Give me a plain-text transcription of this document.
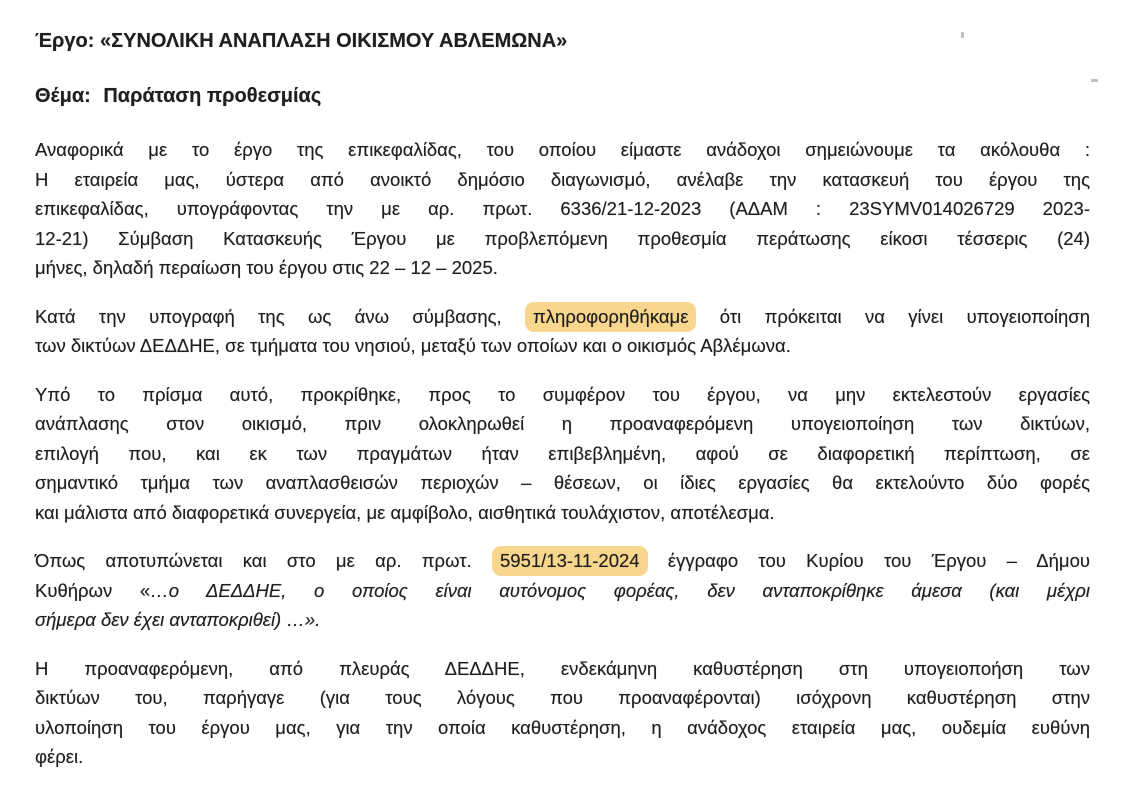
Έργο: «ΣΥΝΟΛΙΚΗ ΑΝΑΠΛΑΣΗ ΟΙΚΙΣΜΟΥ ΑΒΛΕΜΩΝΑ»
Θέμα: Παράταση προθεσμίας
Αναφορικά με το έργο της επικεφαλίδας, του οποίου είμαστε ανάδοχοι σημειώνουμε τα ακόλουθα :
Η εταιρεία μας, ύστερα από ανοικτό δημόσιο διαγωνισμό, ανέλαβε την κατασκευή του έργου της
επικεφαλίδας, υπογράφοντας την με αρ. πρωτ. 6336/21-12-2023 (ΑΔΑΜ : 23SYMV014026729 2023-
12-21) Σύμβαση Κατασκευής Έργου με προβλεπόμενη προθεσμία περάτωσης είκοσι τέσσερις (24)
μήνες, δηλαδή περαίωση του έργου στις 22 – 12 – 2025.
Κατά την υπογραφή της ως άνω σύμβασης, πληροφορηθήκαμε ότι πρόκειται να γίνει υπογειοποίηση
των δικτύων ΔΕΔΔΗΕ, σε τμήματα του νησιού, μεταξύ των οποίων και ο οικισμός Αβλέμωνα.
Υπό το πρίσμα αυτό, προκρίθηκε, προς το συμφέρον του έργου, να μην εκτελεστούν εργασίες
ανάπλασης στον οικισμό, πριν ολοκληρωθεί η προαναφερόμενη υπογειοποίηση των δικτύων,
επιλογή που, και εκ των πραγμάτων ήταν επιβεβλημένη, αφού σε διαφορετική περίπτωση, σε
σημαντικό τμήμα των αναπλασθεισών περιοχών – θέσεων, οι ίδιες εργασίες θα εκτελούντο δύο φορές
και μάλιστα από διαφορετικά συνεργεία, με αμφίβολο, αισθητικά τουλάχιστον, αποτέλεσμα.
Όπως αποτυπώνεται και στο με αρ. πρωτ. 5951/13-11-2024 έγγραφο του Κυρίου του Έργου – Δήμου
Κυθήρων «…ο ΔΕΔΔΗΕ, ο οποίος είναι αυτόνομος φορέας, δεν ανταποκρίθηκε άμεσα (και μέχρι
σήμερα δεν έχει ανταποκριθεί) …».
Η προαναφερόμενη, από πλευράς ΔΕΔΔΗΕ, ενδεκάμηνη καθυστέρηση στη υπογειοποήση των
δικτύων του, παρήγαγε (για τους λόγους που προαναφέρονται) ισόχρονη καθυστέρηση στην
υλοποίηση του έργου μας, για την οποία καθυστέρηση, η ανάδοχος εταιρεία μας, ουδεμία ευθύνη
φέρει.
